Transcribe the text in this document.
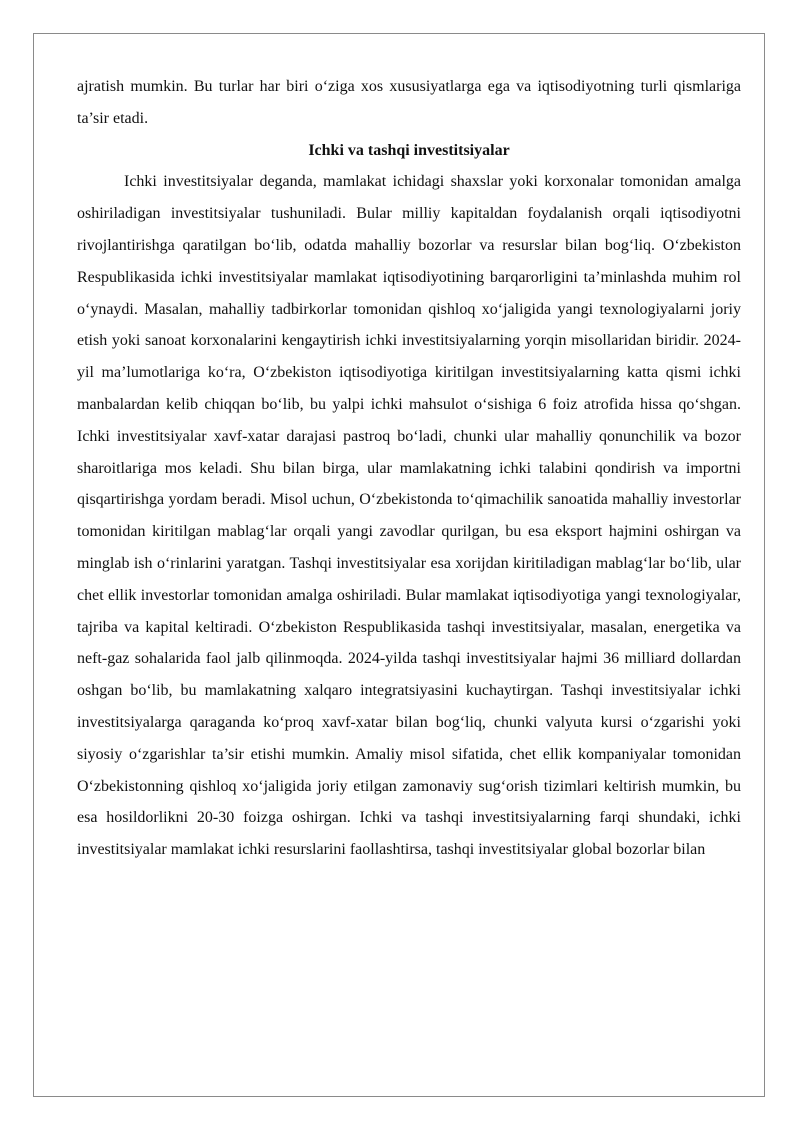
ajratish mumkin. Bu turlar har biri o‘ziga xos xususiyatlarga ega va iqtisodiyotning turli qismlariga ta’sir etadi.

Ichki va tashqi investitsiyalar

Ichki investitsiyalar deganda, mamlakat ichidagi shaxslar yoki korxonalar tomonidan amalga oshiriladigan investitsiyalar tushuniladi. Bular milliy kapitaldan foydalanish orqali iqtisodiyotni rivojlantirishga qaratilgan bo‘lib, odatda mahalliy bozorlar va resurslar bilan bog‘liq. O‘zbekiston Respublikasida ichki investitsiyalar mamlakat iqtisodiyotining barqarorligini ta’minlashda muhim rol o‘ynaydi. Masalan, mahalliy tadbirkorlar tomonidan qishloq xo‘jaligida yangi texnologiyalarni joriy etish yoki sanoat korxonalarini kengaytirish ichki investitsiyalarning yorqin misollaridan biridir. 2024-yil ma’lumotlariga ko‘ra, O‘zbekiston iqtisodiyotiga kiritilgan investitsiyalarning katta qismi ichki manbalardan kelib chiqqan bo‘lib, bu yalpi ichki mahsulot o‘sishiga 6 foiz atrofida hissa qo‘shgan. Ichki investitsiyalar xavf-xatar darajasi pastroq bo‘ladi, chunki ular mahalliy qonunchilik va bozor sharoitlariga mos keladi. Shu bilan birga, ular mamlakatning ichki talabini qondirish va importni qisqartirishga yordam beradi. Misol uchun, O‘zbekistonda to‘qimachilik sanoatida mahalliy investorlar tomonidan kiritilgan mablag‘lar orqali yangi zavodlar qurilgan, bu esa eksport hajmini oshirgan va minglab ish o‘rinlarini yaratgan. Tashqi investitsiyalar esa xorijdan kiritiladigan mablag‘lar bo‘lib, ular chet ellik investorlar tomonidan amalga oshiriladi. Bular mamlakat iqtisodiyotiga yangi texnologiyalar, tajriba va kapital keltiradi. O‘zbekiston Respublikasida tashqi investitsiyalar, masalan, energetika va neft-gaz sohalarida faol jalb qilinmoqda. 2024-yilda tashqi investitsiyalar hajmi 36 milliard dollardan oshgan bo‘lib, bu mamlakatning xalqaro integratsiyasini kuchaytirgan. Tashqi investitsiyalar ichki investitsiyalarga qaraganda ko‘proq xavf-xatar bilan bog‘liq, chunki valyuta kursi o‘zgarishi yoki siyosiy o‘zgarishlar ta’sir etishi mumkin. Amaliy misol sifatida, chet ellik kompaniyalar tomonidan O‘zbekistonning qishloq xo‘jaligida joriy etilgan zamonaviy sug‘orish tizimlari keltirish mumkin, bu esa hosildorlikni 20-30 foizga oshirgan. Ichki va tashqi investitsiyalarning farqi shundaki, ichki investitsiyalar mamlakat ichki resurslarini faollashtirsa, tashqi investitsiyalar global bozorlar bilan
